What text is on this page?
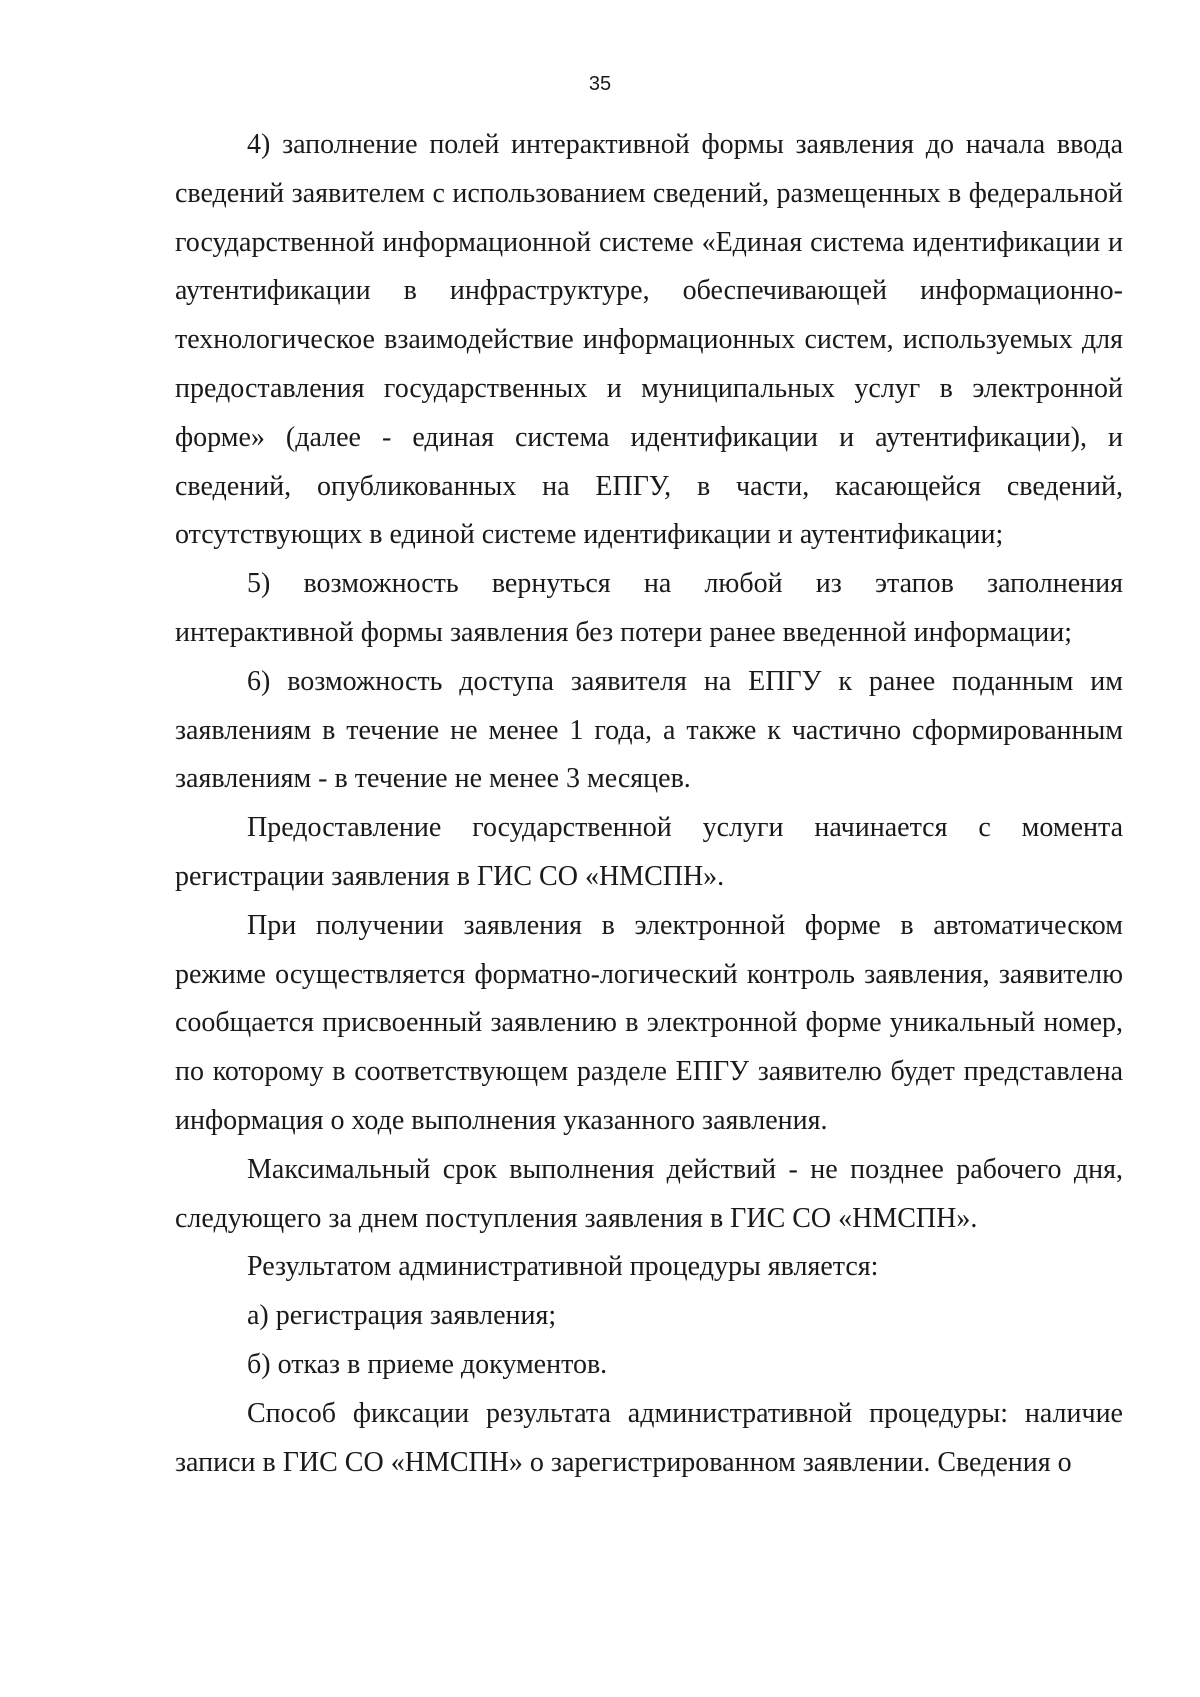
35

4) заполнение полей интерактивной формы заявления до начала ввода сведений заявителем с использованием сведений, размещенных в федеральной государственной информационной системе «Единая система идентификации и аутентификации в инфраструктуре, обеспечивающей информационно-технологическое взаимодействие информационных систем, используемых для предоставления государственных и муниципальных услуг в электронной форме» (далее - единая система идентификации и аутентификации), и сведений, опубликованных на ЕПГУ, в части, касающейся сведений, отсутствующих в единой системе идентификации и аутентификации;

5) возможность вернуться на любой из этапов заполнения интерактивной формы заявления без потери ранее введенной информации;

6) возможность доступа заявителя на ЕПГУ к ранее поданным им заявлениям в течение не менее 1 года, а также к частично сформированным заявлениям - в течение не менее 3 месяцев.

Предоставление государственной услуги начинается с момента регистрации заявления в ГИС СО «НМСПН».

При получении заявления в электронной форме в автоматическом режиме осуществляется форматно-логический контроль заявления, заявителю сообщается присвоенный заявлению в электронной форме уникальный номер, по которому в соответствующем разделе ЕПГУ заявителю будет представлена информация о ходе выполнения указанного заявления.

Максимальный срок выполнения действий - не позднее рабочего дня, следующего за днем поступления заявления в ГИС СО «НМСПН».

Результатом административной процедуры является:

а) регистрация заявления;

б) отказ в приеме документов.

Способ фиксации результата административной процедуры: наличие записи в ГИС СО «НМСПН» о зарегистрированном заявлении. Сведения о
